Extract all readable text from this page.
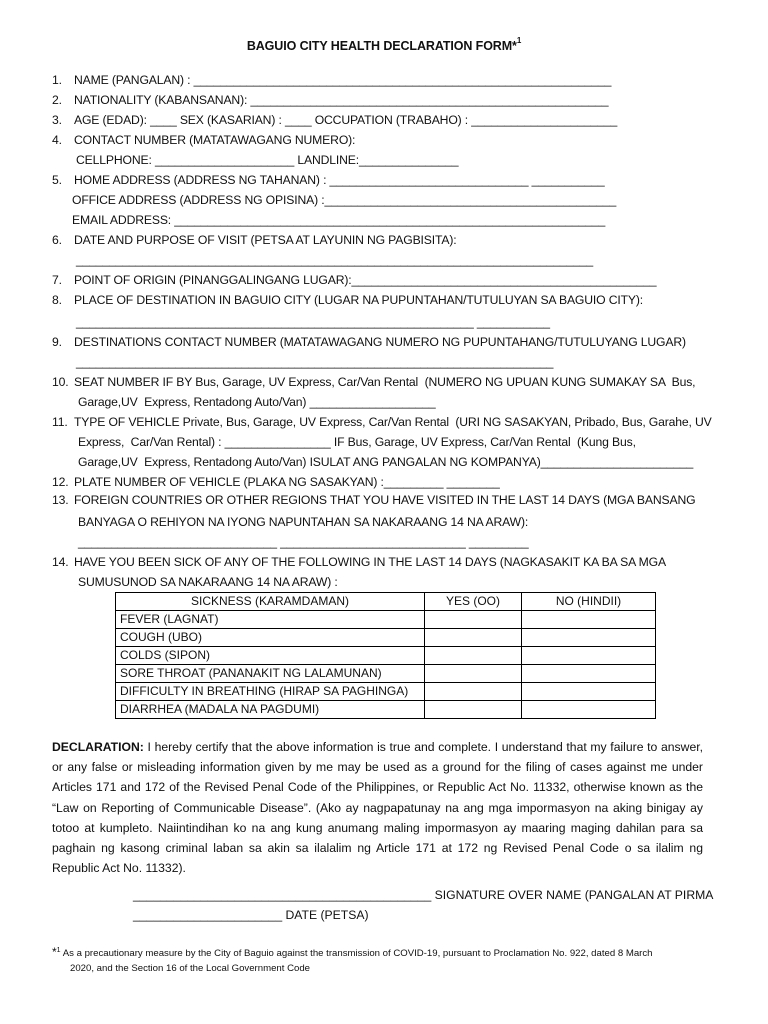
BAGUIO CITY HEALTH DECLARATION FORM*$^1$
1. NAME (PANGALAN) : _______________________________________________________________
2. NATIONALITY (KABANSANAN): ______________________________________________________
3. AGE (EDAD): ____ SEX (KASARIAN) : ____ OCCUPATION (TRABAHO) : ______________________
4. CONTACT NUMBER (MATATAWAGANG NUMERO):
CELLPHONE: _____________________ LANDLINE:_______________
5. HOME ADDRESS (ADDRESS NG TAHANAN) : ______________________________ ___________
OFFICE ADDRESS (ADDRESS NG OPISINA) :____________________________________________
EMAIL ADDRESS: _________________________________________________________________
6. DATE AND PURPOSE OF VISIT (PETSA AT LAYUNIN NG PAGBISITA):
______________________________________________________________________________
7. POINT OF ORIGIN (PINANGGALINGANG LUGAR):______________________________________________
8. PLACE OF DESTINATION IN BAGUIO CITY (LUGAR NA PUPUNTAHAN/TUTULUYAN SA BAGUIO CITY):
____________________________________________________________ ___________
9. DESTINATIONS CONTACT NUMBER (MATATAWAGANG NUMERO NG PUPUNTAHANG/TUTULUYANG LUGAR)
________________________________________________________________________
10. SEAT NUMBER IF BY Bus, Garage, UV Express, Car/Van Rental  (NUMERO NG UPUAN KUNG SUMAKAY SA  Bus,
Garage,UV  Express, Rentadong Auto/Van) ___________________
11. TYPE OF VEHICLE Private, Bus, Garage, UV Express, Car/Van Rental  (URI NG SASAKYAN, Pribado, Bus, Garahe, UV
Express,  Car/Van Rental) : ________________ IF Bus, Garage, UV Express, Car/Van Rental  (Kung Bus,
Garage,UV  Express, Rentadong Auto/Van) ISULAT ANG PANGALAN NG KOMPANYA)_______________________
12. PLATE NUMBER OF VEHICLE (PLAKA NG SASAKYAN) :_________ ________
13. FOREIGN COUNTRIES OR OTHER REGIONS THAT YOU HAVE VISITED IN THE LAST 14 DAYS (MGA BANSANG
BANYAGA O REHIYON NA IYONG NAPUNTAHAN SA NAKARAANG 14 NA ARAW):
______________________________ ____________________________ _________
14. HAVE YOU BEEN SICK OF ANY OF THE FOLLOWING IN THE LAST 14 DAYS (NAGKASAKIT KA BA SA MGA
SUMUSUNOD SA NAKARAANG 14 NA ARAW) :
SICKNESS (KARAMDAMAN)	YES (OO)	NO (HINDII)
FEVER (LAGNAT)		
COUGH (UBO)		
COLDS (SIPON)		
SORE THROAT (PANANAKIT NG LALAMUNAN)		
DIFFICULTY IN BREATHING (HIRAP SA PAGHINGA)		
DIARRHEA (MADALA NA PAGDUMI)		
DECLARATION: I hereby certify that the above information is true and complete. I understand that my failure to answer, or any false or misleading information given by me may be used as a ground for the filing of cases against me under Articles 171 and 172 of the Revised Penal Code of the Philippines, or Republic Act No. 11332, otherwise known as the “Law on Reporting of Communicable Disease”. (Ako ay nagpapatunay na ang mga impormasyon na aking binigay ay totoo at kumpleto. Naiintindihan ko na ang kung anumang maling impormasyon ay maaring maging dahilan para sa paghain ng kasong criminal laban sa akin sa ilalalim ng Article 171 at 172 ng Revised Penal Code o sa ilalim ng Republic Act No. 11332).
____________________________________________ SIGNATURE OVER NAME (PANGALAN AT PIRMA
______________________ DATE (PETSA)
*$^1$ As a precautionary measure by the City of Baguio against the transmission of COVID-19, pursuant to Proclamation No. 922, dated 8 March
2020, and the Section 16 of the Local Government Code
